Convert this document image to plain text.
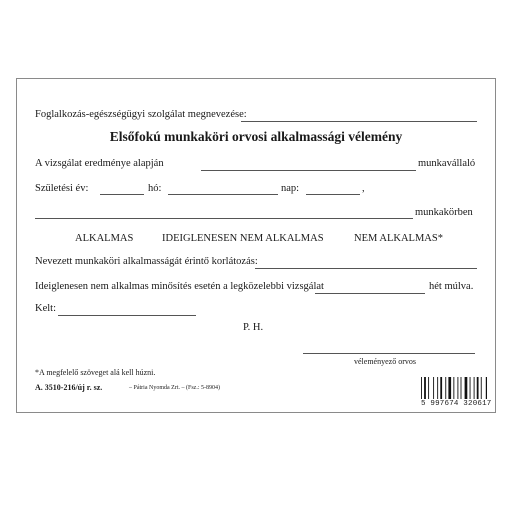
Foglalkozás-egészségügyi szolgálat megnevezése:
Elsőfokú munkaköri orvosi alkalmassági vélemény
A vizsgálat eredménye alapján	munkavállaló
Születési év:	hó:	nap:	,
munkakörben
ALKALMAS	IDEIGLENESEN NEM ALKALMAS	NEM ALKALMAS*
Nevezett munkaköri alkalmasságát érintő korlátozás:
Ideiglenesen nem alkalmas minősítés esetén a legközelebbi vizsgálat	hét múlva.
Kelt:
P. H.
véleményező orvos
*A megfelelő szöveget alá kell húzni.
A. 3510-216/új r. sz.	– Pátria Nyomda Zrt. – (Fsz.: 5-8904)
5 997674 320617
